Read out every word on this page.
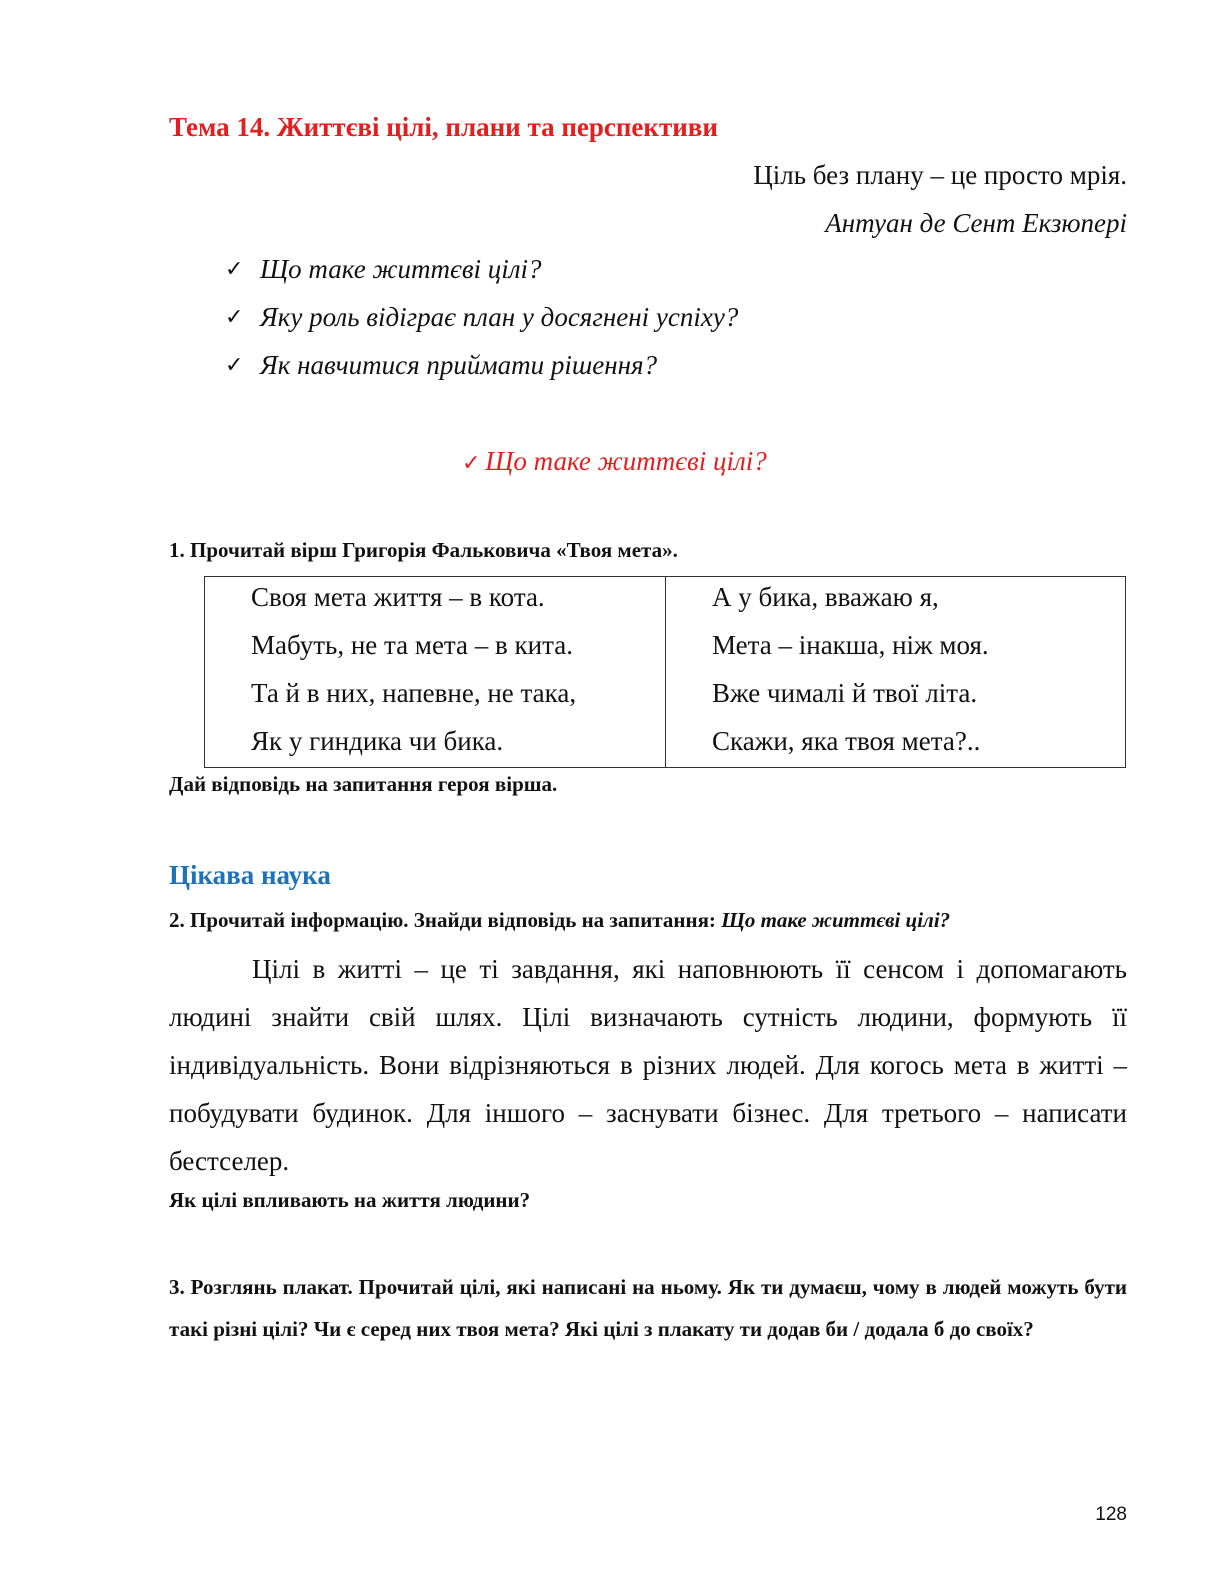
Тема 14. Життєві цілі, плани та перспективи

Ціль без плану – це просто мрія.

Антуан де Сент Екзюпері

✓ Що таке життєві цілі?
✓ Яку роль відіграє план у досягнені успіху?
✓ Як навчитися приймати рішення?

✓ Що таке життєві цілі?

1. Прочитай вірш Григорія Фальковича «Твоя мета».

Своя мета життя – в кота.
Мабуть, не та мета – в кита.
Та й в них, напевне, не така,
Як у гиндика чи бика.
А у бика, вважаю я,
Мета – інакша, ніж моя.
Вже чималі й твої літа.
Скажи, яка твоя мета?..

Дай відповідь на запитання героя вірша.

Цікава наука

2. Прочитай інформацію. Знайди відповідь на запитання: Що таке життєві цілі?

Цілі в житті – це ті завдання, які наповнюють її сенсом і допомагають людині знайти свій шлях. Цілі визначають сутність людини, формують її індивідуальність. Вони відрізняються в різних людей. Для когось мета в житті – побудувати будинок. Для іншого – заснувати бізнес. Для третього – написати бестселер.

Як цілі впливають на життя людини?

3. Розглянь плакат. Прочитай цілі, які написані на ньому. Як ти думаєш, чому в людей можуть бути такі різні цілі? Чи є серед них твоя мета? Які цілі з плакату ти додав би / додала б до своїх?

128
